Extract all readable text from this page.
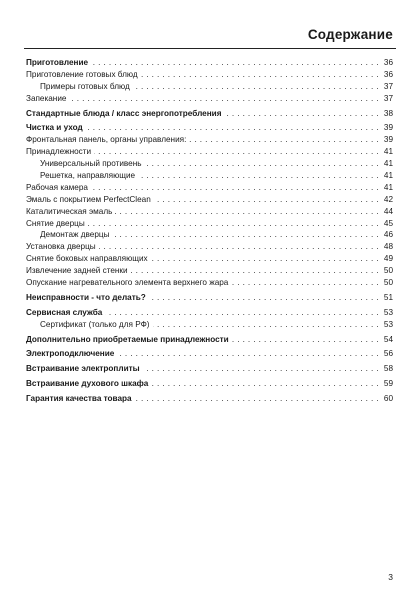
Содержание
Приготовление . . .	36
Приготовление готовых блюд . . .	36
Примеры готовых блюд . . .	37
Запекание . . .	37
Стандартные блюда / класс энергопотребления . . .	38
Чистка и уход . . .	39
Фронтальная панель, органы управления: . . .	39
Принадлежности . . .	41
Универсальный противень . . .	41
Решетка, направляющие . . .	41
Рабочая камера . . .	41
Эмаль с покрытием PerfectClean . . .	42
Каталитическая эмаль . . .	44
Снятие дверцы . . .	45
Демонтаж дверцы . . .	46
Установка дверцы . . .	48
Снятие боковых направляющих . . .	49
Извлечение задней стенки . . .	50
Опускание нагревательного элемента верхнего жара . . .	50
Неисправности - что делать? . . .	51
Сервисная служба . . .	53
Сертификат (только для РФ) . . .	53
Дополнительно приобретаемые принадлежности . . .	54
Электроподключение . . .	56
Встраивание электроплиты . . .	58
Встраивание духового шкафа . . .	59
Гарантия качества товара . . .	60
3
